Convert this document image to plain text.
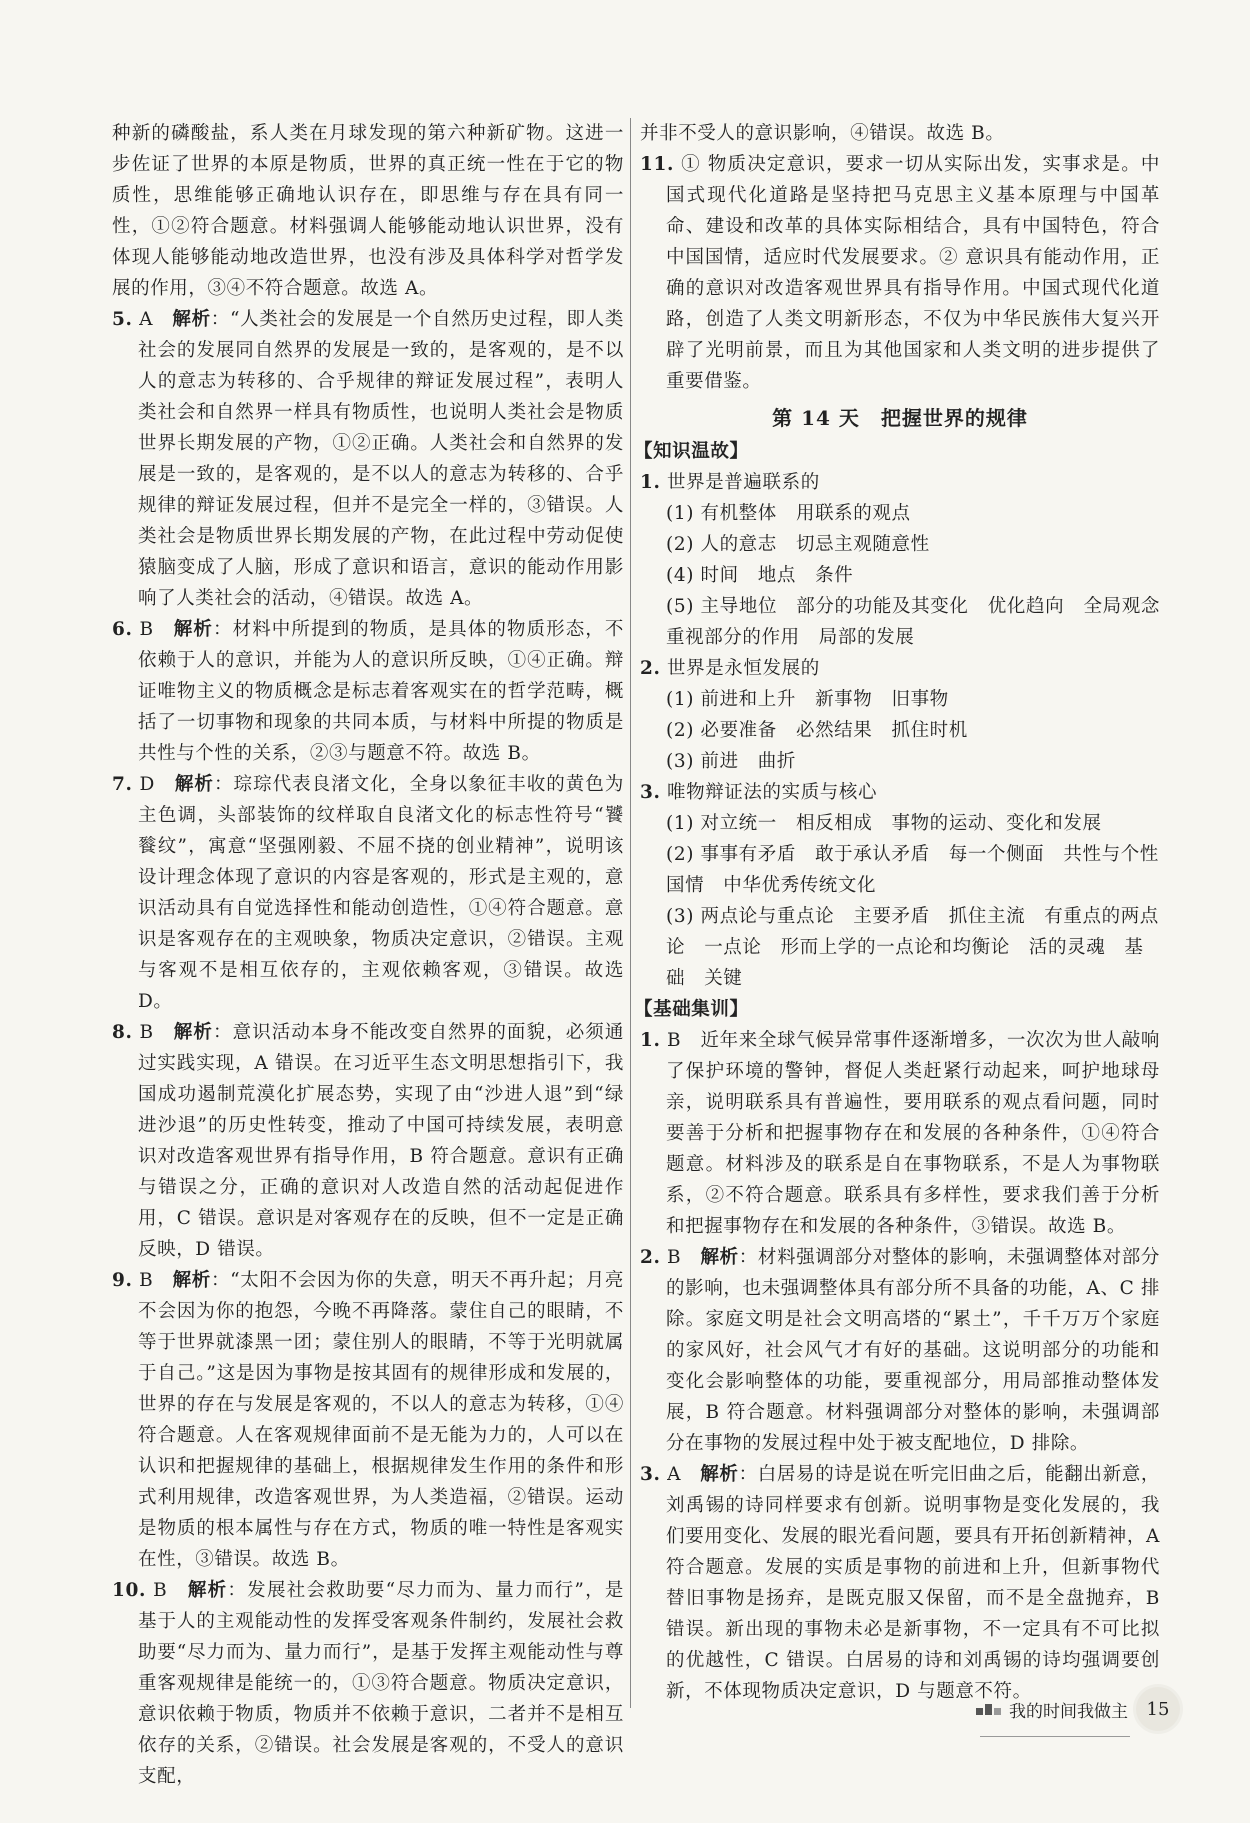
种新的磷酸盐，系人类在月球发现的第六种新矿物。这进一步佐证了世界的本原是物质，世界的真正统一性在于它的物质性，思维能够正确地认识存在，即思维与存在具有同一性，①②符合题意。材料强调人能够能动地认识世界，没有体现人能够能动地改造世界，也没有涉及具体科学对哲学发展的作用，③④不符合题意。故选 A。

5. A　 解析：“人类社会的发展是一个自然历史过程，即人类社会的发展同自然界的发展是一致的，是客观的，是不以人的意志为转移的、合乎规律的辩证发展过程”，表明人类社会和自然界一样具有物质性，也说明人类社会是物质世界长期发展的产物，①②正确。人类社会和自然界的发展是一致的，是客观的，是不以人的意志为转移的、合乎规律的辩证发展过程，但并不是完全一样的，③错误。人类社会是物质世界长期发展的产物，在此过程中劳动促使猿脑变成了人脑，形成了意识和语言，意识的能动作用影响了人类社会的活动，④错误。故选 A。

6. B　 解析：材料中所提到的物质，是具体的物质形态，不依赖于人的意识，并能为人的意识所反映，①④正确。辩证唯物主义的物质概念是标志着客观实在的哲学范畴，概括了一切事物和现象的共同本质，与材料中所提的物质是共性与个性的关系，②③与题意不符。故选 B。

7. D　 解析：琮琮代表良渚文化，全身以象征丰收的黄色为主色调，头部装饰的纹样取自良渚文化的标志性符号“饕餮纹”，寓意“坚强刚毅、不屈不挠的创业精神”，说明该设计理念体现了意识的内容是客观的，形式是主观的，意识活动具有自觉选择性和能动创造性，①④符合题意。意识是客观存在的主观映象，物质决定意识，②错误。主观与客观不是相互依存的，主观依赖客观，③错误。故选 D。

8. B　 解析：意识活动本身不能改变自然界的面貌，必须通过实践实现，A 错误。在习近平生态文明思想指引下，我国成功遏制荒漠化扩展态势，实现了由“沙进人退”到“绿进沙退”的历史性转变，推动了中国可持续发展，表明意识对改造客观世界有指导作用，B 符合题意。意识有正确与错误之分，正确的意识对人改造自然的活动起促进作用，C 错误。意识是对客观存在的反映，但不一定是正确反映，D 错误。

9. B　 解析：“太阳不会因为你的失意，明天不再升起；月亮不会因为你的抱怨，今晚不再降落。蒙住自己的眼睛，不等于世界就漆黑一团；蒙住别人的眼睛，不等于光明就属于自己。”这是因为事物是按其固有的规律形成和发展的，世界的存在与发展是客观的，不以人的意志为转移，①④符合题意。人在客观规律面前不是无能为力的，人可以在认识和把握规律的基础上，根据规律发生作用的条件和形式利用规律，改造客观世界，为人类造福，②错误。运动是物质的根本属性与存在方式，物质的唯一特性是客观实在性，③错误。故选 B。

10. B　 解析：发展社会救助要“尽力而为、量力而行”，是基于人的主观能动性的发挥受客观条件制约，发展社会救助要“尽力而为、量力而行”，是基于发挥主观能动性与尊重客观规律是能统一的，①③符合题意。物质决定意识，意识依赖于物质，物质并不依赖于意识，二者并不是相互依存的关系，②错误。社会发展是客观的，不受人的意识支配，

并非不受人的意识影响，④错误。故选 B。

11. ① 物质决定意识，要求一切从实际出发，实事求是。中国式现代化道路是坚持把马克思主义基本原理与中国革命、建设和改革的具体实际相结合，具有中国特色，符合中国国情，适应时代发展要求。② 意识具有能动作用，正确的意识对改造客观世界具有指导作用。中国式现代化道路，创造了人类文明新形态，不仅为中华民族伟大复兴开辟了光明前景，而且为其他国家和人类文明的进步提供了重要借鉴。

第 14 天　把握世界的规律

【知识温故】

1. 世界是普遍联系的

(1) 有机整体　用联系的观点

(2) 人的意志　切忌主观随意性

(4) 时间　地点　条件

(5) 主导地位　部分的功能及其变化　优化趋向　全局观念　重视部分的作用　局部的发展

2. 世界是永恒发展的

(1) 前进和上升　新事物　旧事物

(2) 必要准备　必然结果　抓住时机

(3) 前进　曲折

3. 唯物辩证法的实质与核心

(1) 对立统一　相反相成　事物的运动、变化和发展

(2) 事事有矛盾　敢于承认矛盾　每一个侧面　共性与个性　国情　中华优秀传统文化

(3) 两点论与重点论　主要矛盾　抓住主流　有重点的两点论　一点论　形而上学的一点论和均衡论　活的灵魂　基础　关键

【基础集训】

1. B　 近年来全球气候异常事件逐渐增多，一次次为世人敲响了保护环境的警钟，督促人类赶紧行动起来，呵护地球母亲，说明联系具有普遍性，要用联系的观点看问题，同时要善于分析和把握事物存在和发展的各种条件，①④符合题意。材料涉及的联系是自在事物联系，不是人为事物联系，②不符合题意。联系具有多样性，要求我们善于分析和把握事物存在和发展的各种条件，③错误。故选 B。

2. B　 解析：材料强调部分对整体的影响，未强调整体对部分的影响，也未强调整体具有部分所不具备的功能，A、C 排除。家庭文明是社会文明高塔的“累土”，千千万万个家庭的家风好，社会风气才有好的基础。这说明部分的功能和变化会影响整体的功能，要重视部分，用局部推动整体发展，B 符合题意。材料强调部分对整体的影响，未强调部分在事物的发展过程中处于被支配地位，D 排除。

3. A　 解析：白居易的诗是说在听完旧曲之后，能翻出新意，刘禹锡的诗同样要求有创新。说明事物是变化发展的，我们要用变化、发展的眼光看问题，要具有开拓创新精神，A 符合题意。发展的实质是事物的前进和上升，但新事物代替旧事物是扬弃，是既克服又保留，而不是全盘抛弃，B 错误。新出现的事物未必是新事物，不一定具有不可比拟的优越性，C 错误。白居易的诗和刘禹锡的诗均强调要创新，不体现物质决定意识，D 与题意不符。

我的时间我做主	15
